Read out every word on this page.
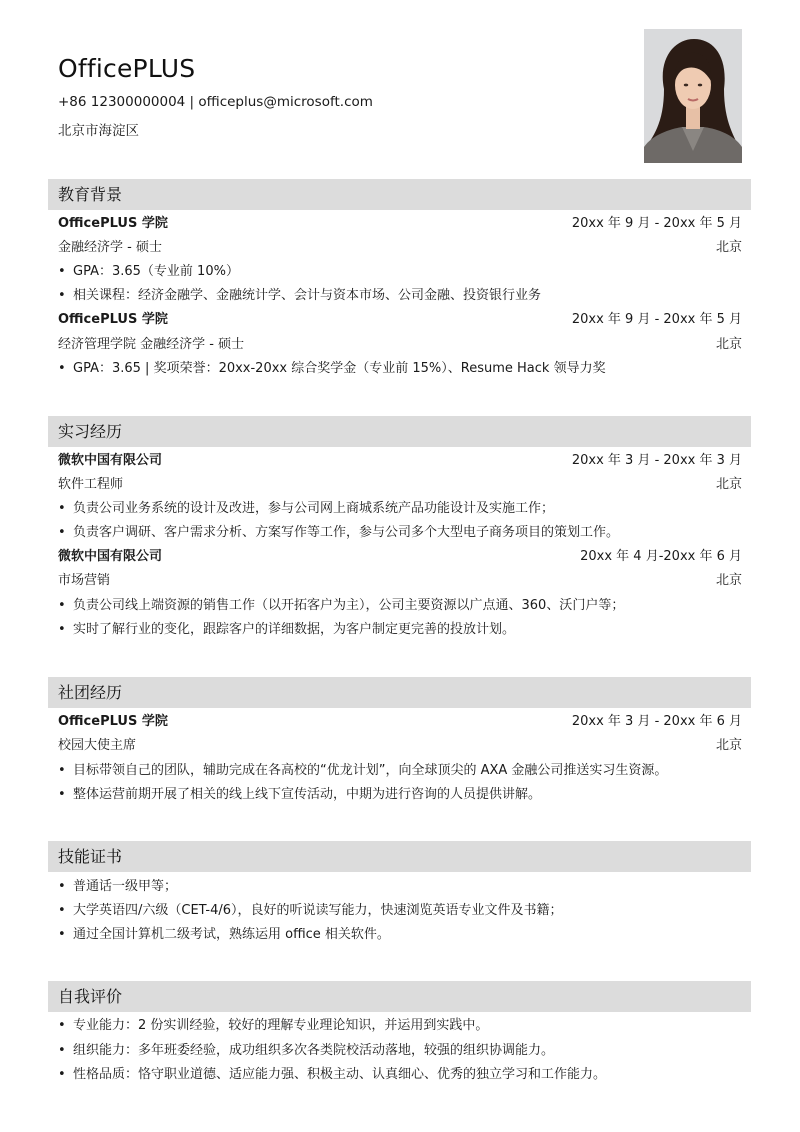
OfficePLUS
+86 12300000004 | officeplus@microsoft.com
北京市海淀区
教育背景
OfficePLUS 学院	20xx 年 9 月 - 20xx 年 5 月
金融经济学 - 硕士	北京
• GPA：3.65（专业前 10%）
• 相关课程：经济金融学、金融统计学、会计与资本市场、公司金融、投资银行业务
OfficePLUS 学院	20xx 年 9 月 - 20xx 年 5 月
经济管理学院 金融经济学 - 硕士	北京
• GPA：3.65 | 奖项荣誉：20xx-20xx 综合奖学金（专业前 15%）、Resume Hack 领导力奖
实习经历
微软中国有限公司	20xx 年 3 月 - 20xx 年 3 月
软件工程师	北京
• 负责公司业务系统的设计及改进，参与公司网上商城系统产品功能设计及实施工作；
• 负责客户调研、客户需求分析、方案写作等工作，参与公司多个大型电子商务项目的策划工作。
微软中国有限公司	20xx 年 4 月-20xx 年 6 月
市场营销	北京
• 负责公司线上端资源的销售工作（以开拓客户为主），公司主要资源以广点通、360、沃门户等；
• 实时了解行业的变化，跟踪客户的详细数据，为客户制定更完善的投放计划。
社团经历
OfficePLUS 学院	20xx 年 3 月 - 20xx 年 6 月
校园大使主席	北京
• 目标带领自己的团队，辅助完成在各高校的“优龙计划”，向全球顶尖的 AXA 金融公司推送实习生资源。
• 整体运营前期开展了相关的线上线下宣传活动，中期为进行咨询的人员提供讲解。
技能证书
• 普通话一级甲等；
• 大学英语四/六级（CET-4/6），良好的听说读写能力，快速浏览英语专业文件及书籍；
• 通过全国计算机二级考试，熟练运用 office 相关软件。
自我评价
• 专业能力：2 份实训经验，较好的理解专业理论知识，并运用到实践中。
• 组织能力：多年班委经验，成功组织多次各类院校活动落地，较强的组织协调能力。
• 性格品质：恪守职业道德、适应能力强、积极主动、认真细心、优秀的独立学习和工作能力。
